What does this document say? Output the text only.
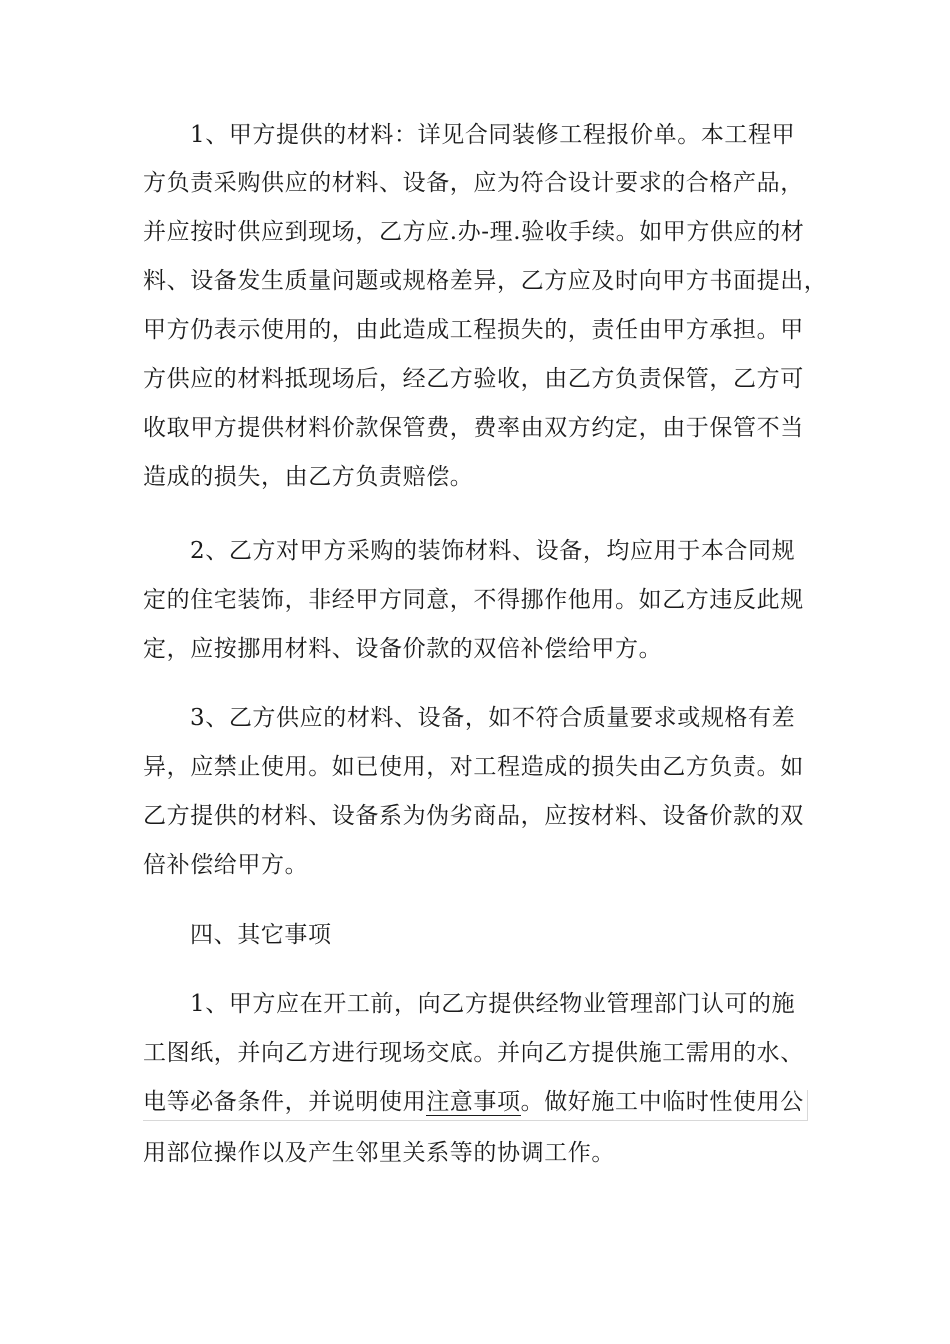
1、甲方提供的材料：详见合同装修工程报价单。本工程甲
方负责采购供应的材料、设备，应为符合设计要求的合格产品，
并应按时供应到现场，乙方应.办-理.验收手续。如甲方供应的材
料、设备发生质量问题或规格差异，乙方应及时向甲方书面提出，
甲方仍表示使用的，由此造成工程损失的，责任由甲方承担。甲
方供应的材料抵现场后，经乙方验收，由乙方负责保管，乙方可
收取甲方提供材料价款保管费，费率由双方约定，由于保管不当
造成的损失，由乙方负责赔偿。
2、乙方对甲方采购的装饰材料、设备，均应用于本合同规
定的住宅装饰，非经甲方同意，不得挪作他用。如乙方违反此规
定，应按挪用材料、设备价款的双倍补偿给甲方。
3、乙方供应的材料、设备，如不符合质量要求或规格有差
异，应禁止使用。如已使用，对工程造成的损失由乙方负责。如
乙方提供的材料、设备系为伪劣商品，应按材料、设备价款的双
倍补偿给甲方。
四、其它事项
1、甲方应在开工前，向乙方提供经物业管理部门认可的施
工图纸，并向乙方进行现场交底。并向乙方提供施工需用的水、
电等必备条件，并说明使用注意事项。做好施工中临时性使用公
用部位操作以及产生邻里关系等的协调工作。
